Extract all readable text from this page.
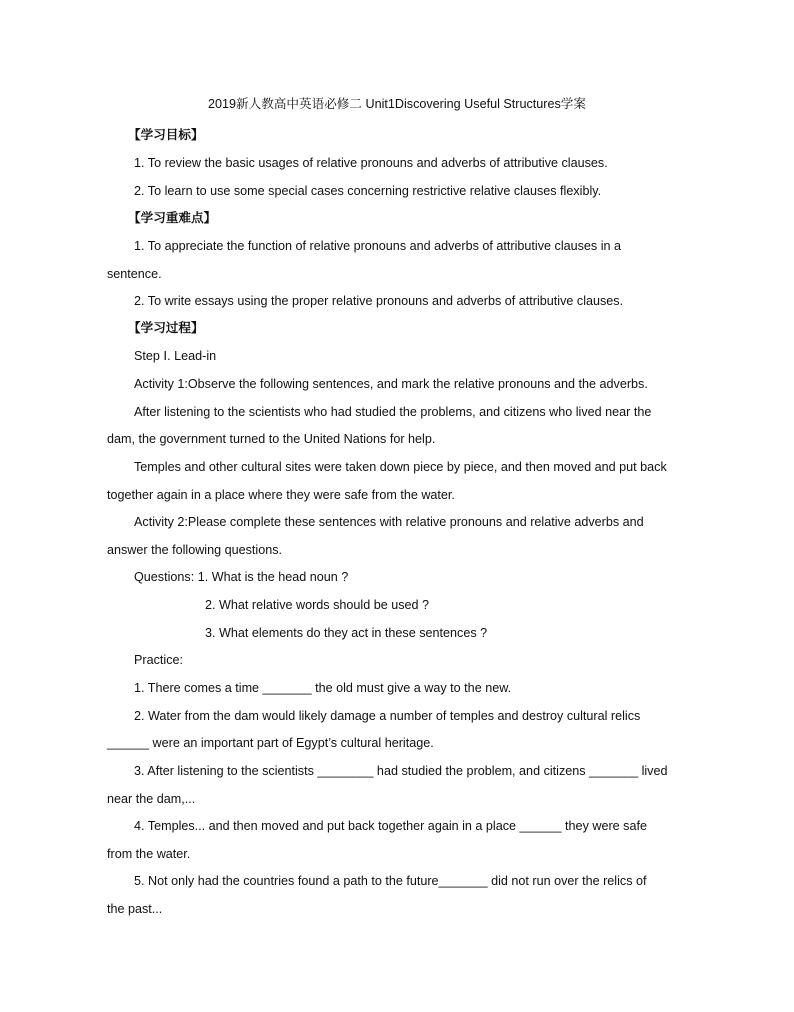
2019新人教高中英语必修二 Unit1Discovering Useful Structures学案
【学习目标】
1. To review the basic usages of relative pronouns and adverbs of attributive clauses.
2. To learn to use some special cases concerning restrictive relative clauses flexibly.
【学习重难点】
1. To appreciate the function of relative pronouns and adverbs of attributive clauses in a
sentence.
2. To write essays using the proper relative pronouns and adverbs of attributive clauses.
【学习过程】
Step Ⅰ. Lead-in
Activity 1:Observe the following sentences, and mark the relative pronouns and the adverbs.
After listening to the scientists who had studied the problems, and citizens who lived near the
dam, the government turned to the United Nations for help.
Temples and other cultural sites were taken down piece by piece, and then moved and put back
together again in a place where they were safe from the water.
Activity 2:Please complete these sentences with relative pronouns and relative adverbs and
answer the following questions.
Questions: 1. What is the head noun ?
2. What relative words should be used ?
3. What elements do they act in these sentences ?
Practice:
1. There comes a time _______ the old must give a way to the new.
2. Water from the dam would likely damage a number of temples and destroy cultural relics
______ were an important part of Egypt’s cultural heritage.
3. After listening to the scientists ________ had studied the problem, and citizens _______ lived
near the dam,...
4. Temples... and then moved and put back together again in a place ______ they were safe
from the water.
5. Not only had the countries found a path to the future_______ did not run over the relics of
the past...
